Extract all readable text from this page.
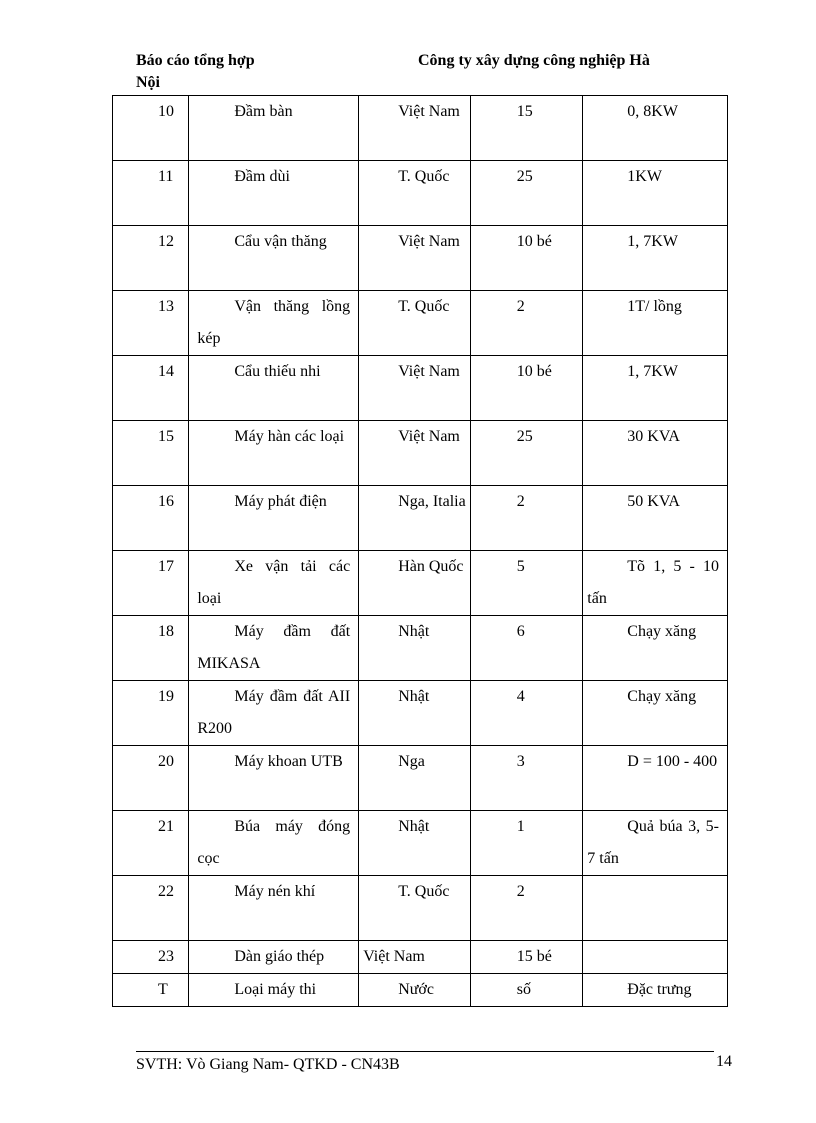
Báo cáo tổng hợp
Nội
Công ty xây dựng công nghiệp Hà
10	Đầm bàn	Việt Nam	15	0, 8KW
11	Đầm dùi	T. Quốc	25	1KW
12	Cẩu vận thăng	Việt Nam	10 bé	1, 7KW
13	Vận thăng lồng kép	T. Quốc	2	1T/ lồng
14	Cẩu thiếu nhi	Việt Nam	10 bé	1, 7KW
15	Máy hàn các loại	Việt Nam	25	30 KVA
16	Máy phát điện	Nga, Italia	2	50 KVA
17	Xe vận tải các loại	Hàn Quốc	5	Tõ 1, 5 - 10 tấn
18	Máy đầm đất MIKASA	Nhật	6	Chạy xăng
19	Máy đầm đất AII R200	Nhật	4	Chạy xăng
20	Máy khoan UTB	Nga	3	D = 100 - 400
21	Búa máy đóng cọc	Nhật	1	Quả búa 3, 5-7 tấn
22	Máy nén khí	T. Quốc	2	
23	Dàn giáo thép	Việt Nam	15 bé	
T	Loại máy thi	Nước	số	Đặc trưng
SVTH: Vò Giang Nam- QTKD - CN43B	14
